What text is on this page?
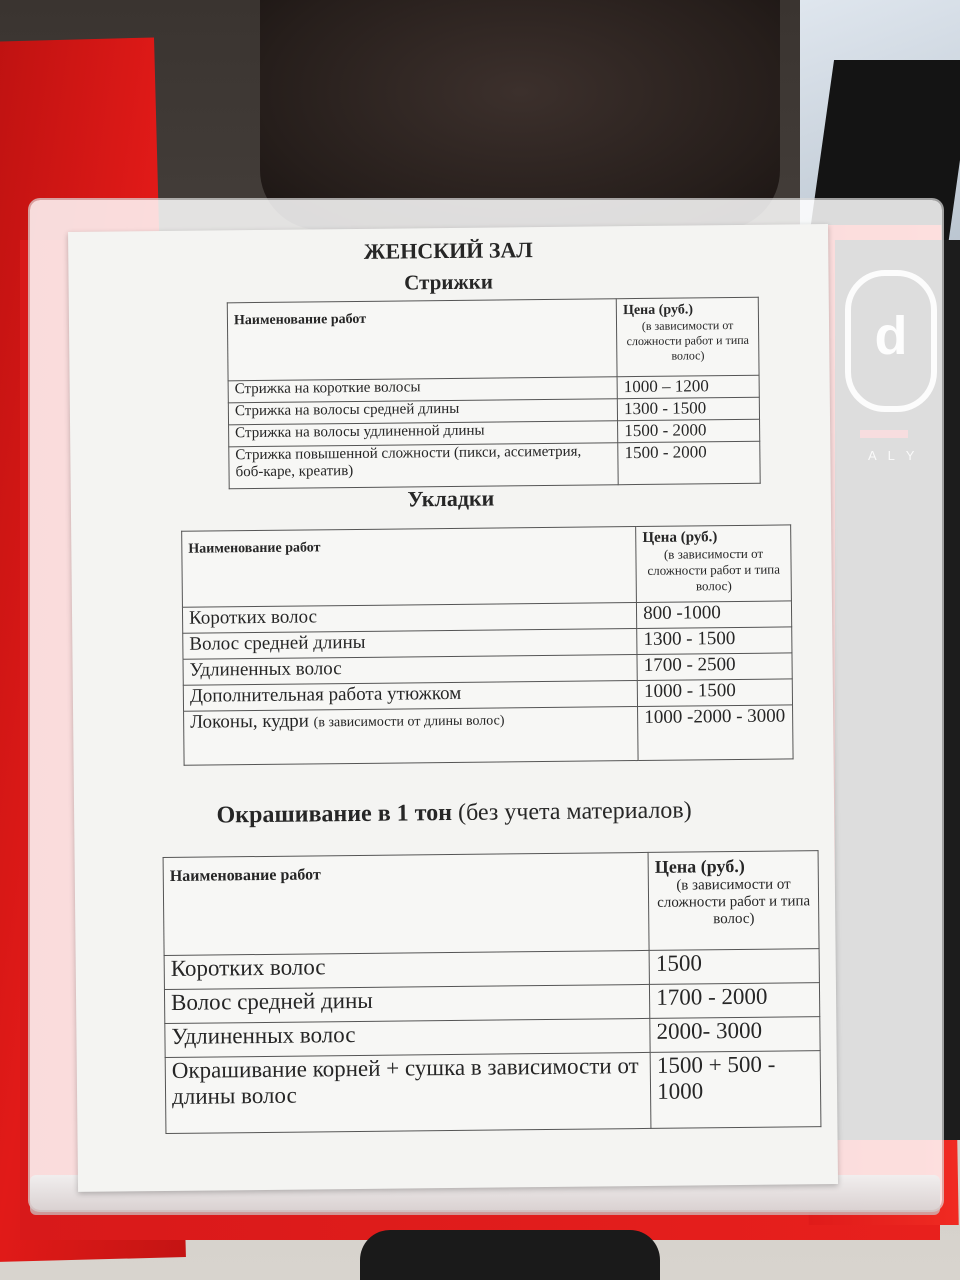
ЖЕНСКИЙ ЗАЛ
Стрижки
Наименование работ	Цена (руб.)
(в зависимости от сложности работ и типа волос)

Стрижка на короткие волосы	1000 – 1200
Стрижка на волосы средней длины	1300 - 1500
Стрижка на волосы удлиненной длины	1500 - 2000
Стрижка повышенной сложности (пикси, ассиметрия, боб-каре, креатив)	1500 - 2000
Укладки
Наименование работ	Цена (руб.)
(в зависимости от сложности работ и типа волос)

Коротких волос	800 -1000
Волос средней длины	1300 - 1500
Удлиненных волос	1700 - 2500
Дополнительная работа утюжком	1000 - 1500
Локоны, кудри (в зависимости от длины волос)	1000 -2000 - 3000
Окрашивание в 1 тон (без учета материалов)
Наименование работ	Цена (руб.)
(в зависимости от сложности работ и типа волос)

Коротких волос	1500
Волос средней дины	1700 - 2000
Удлиненных волос	2000- 3000
Окрашивание корней + сушка в зависимости от длины волос	1500 + 500 - 1000
